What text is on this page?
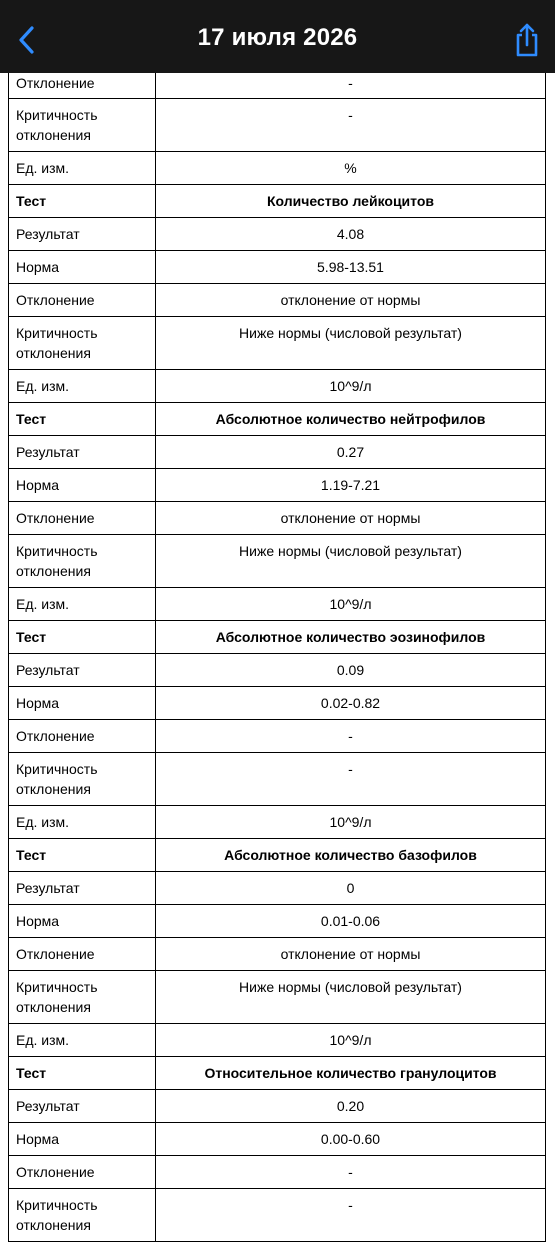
17 июля 2026
Отклонение	-
Критичность отклонения	-
Ед. изм.	%
Тест	Количество лейкоцитов
Результат	4.08
Норма	5.98-13.51
Отклонение	отклонение от нормы
Критичность отклонения	Ниже нормы (числовой результат)
Ед. изм.	10^9/л
Тест	Абсолютное количество нейтрофилов
Результат	0.27
Норма	1.19-7.21
Отклонение	отклонение от нормы
Критичность отклонения	Ниже нормы (числовой результат)
Ед. изм.	10^9/л
Тест	Абсолютное количество эозинофилов
Результат	0.09
Норма	0.02-0.82
Отклонение	-
Критичность отклонения	-
Ед. изм.	10^9/л
Тест	Абсолютное количество базофилов
Результат	0
Норма	0.01-0.06
Отклонение	отклонение от нормы
Критичность отклонения	Ниже нормы (числовой результат)
Ед. изм.	10^9/л
Тест	Относительное количество гранулоцитов
Результат	0.20
Норма	0.00-0.60
Отклонение	-
Критичность отклонения	-
